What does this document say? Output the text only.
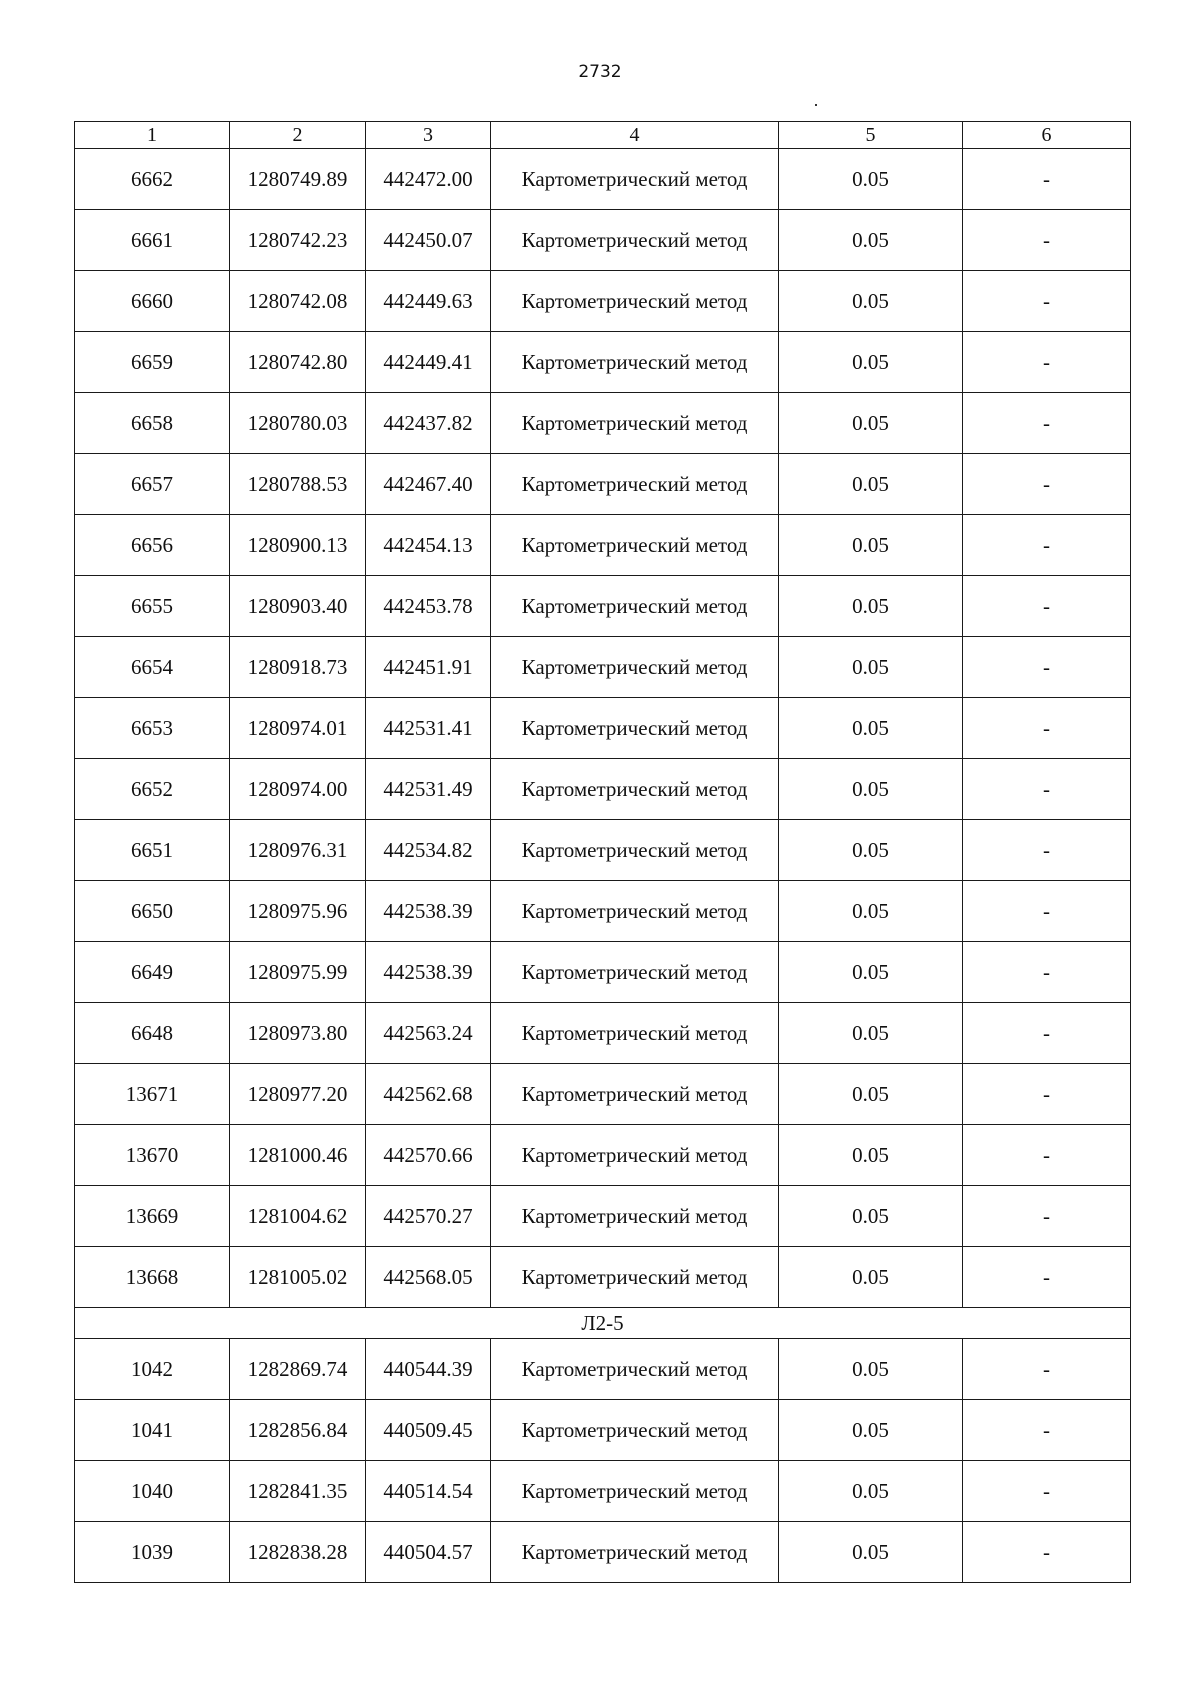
2732
1	2	3	4	5	6
6662	1280749.89	442472.00	Картометрический метод	0.05	-
6661	1280742.23	442450.07	Картометрический метод	0.05	-
6660	1280742.08	442449.63	Картометрический метод	0.05	-
6659	1280742.80	442449.41	Картометрический метод	0.05	-
6658	1280780.03	442437.82	Картометрический метод	0.05	-
6657	1280788.53	442467.40	Картометрический метод	0.05	-
6656	1280900.13	442454.13	Картометрический метод	0.05	-
6655	1280903.40	442453.78	Картометрический метод	0.05	-
6654	1280918.73	442451.91	Картометрический метод	0.05	-
6653	1280974.01	442531.41	Картометрический метод	0.05	-
6652	1280974.00	442531.49	Картометрический метод	0.05	-
6651	1280976.31	442534.82	Картометрический метод	0.05	-
6650	1280975.96	442538.39	Картометрический метод	0.05	-
6649	1280975.99	442538.39	Картометрический метод	0.05	-
6648	1280973.80	442563.24	Картометрический метод	0.05	-
13671	1280977.20	442562.68	Картометрический метод	0.05	-
13670	1281000.46	442570.66	Картометрический метод	0.05	-
13669	1281004.62	442570.27	Картометрический метод	0.05	-
13668	1281005.02	442568.05	Картометрический метод	0.05	-
Л2-5					
1042	1282869.74	440544.39	Картометрический метод	0.05	-
1041	1282856.84	440509.45	Картометрический метод	0.05	-
1040	1282841.35	440514.54	Картометрический метод	0.05	-
1039	1282838.28	440504.57	Картометрический метод	0.05	-
